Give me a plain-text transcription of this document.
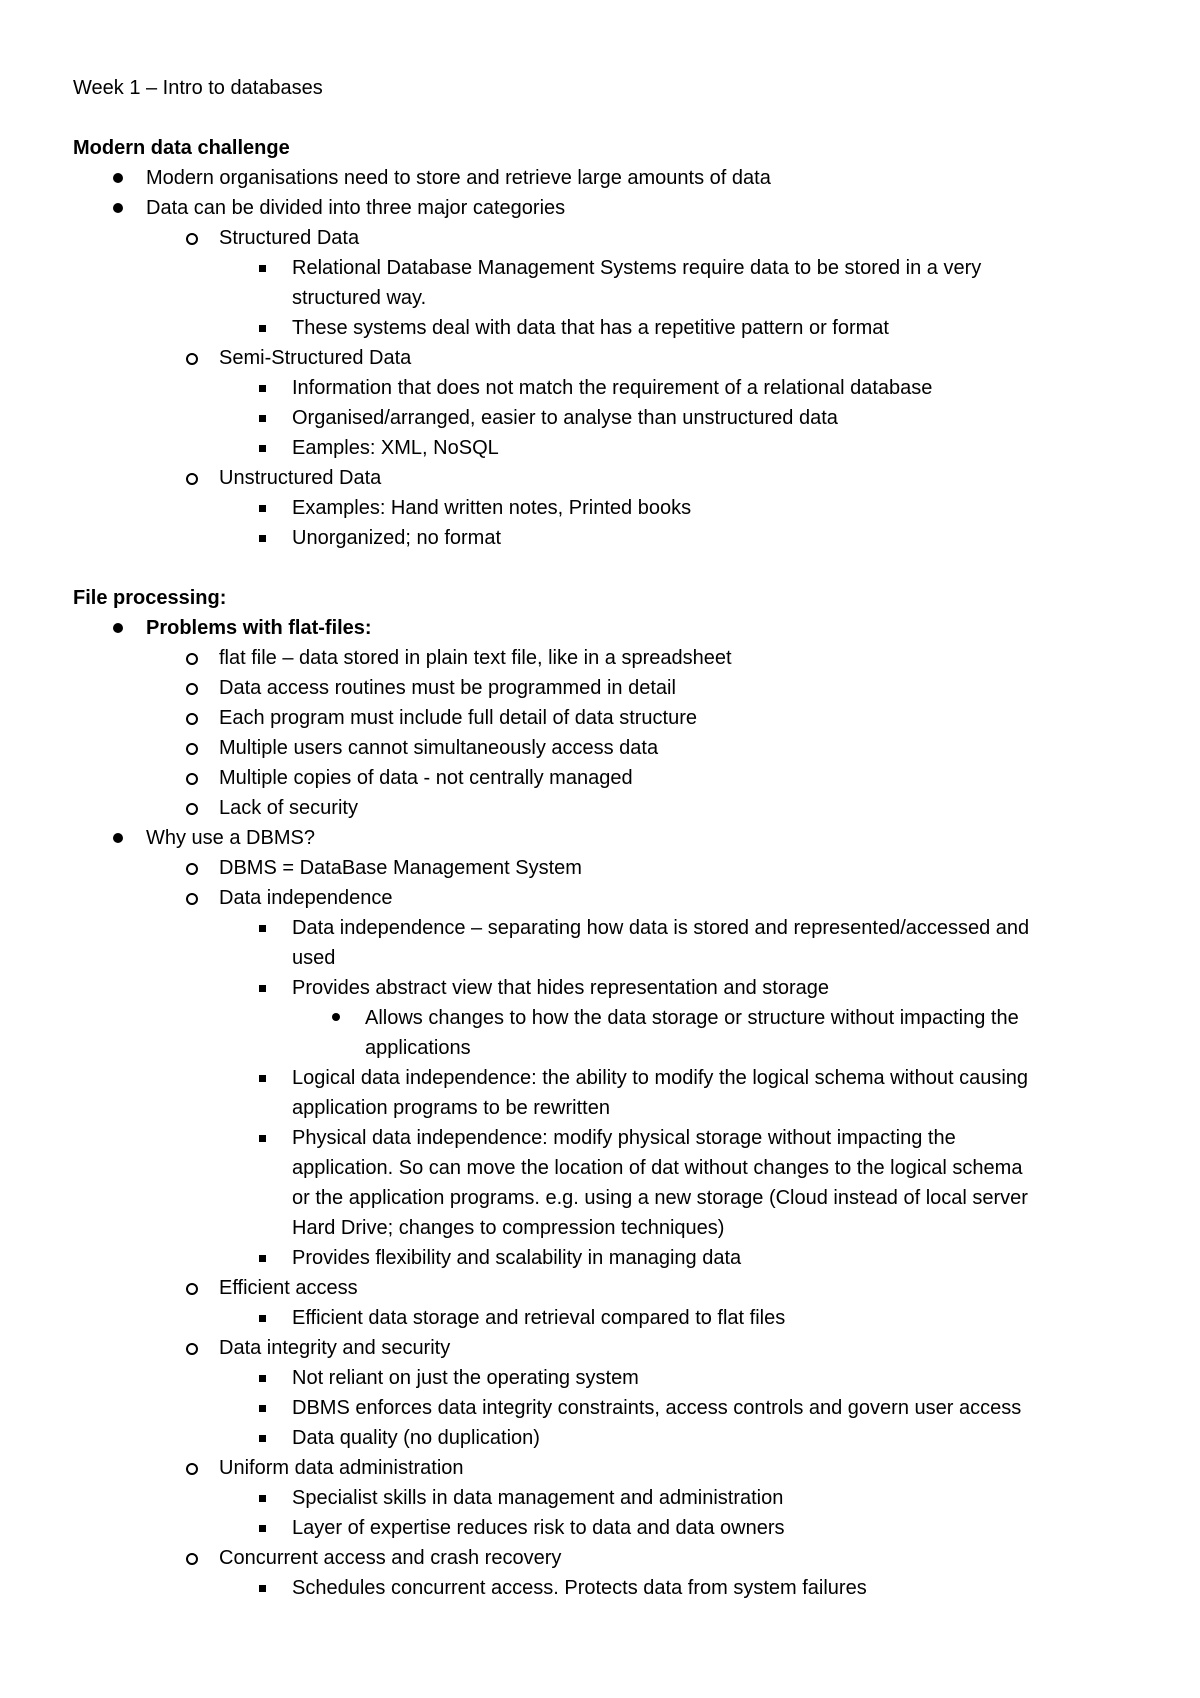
Week 1 – Intro to databases
Modern data challenge
Modern organisations need to store and retrieve large amounts of data
Data can be divided into three major categories
Structured Data
Relational Database Management Systems require data to be stored in a very
structured way.
These systems deal with data that has a repetitive pattern or format
Semi-Structured Data
Information that does not match the requirement of a relational database
Organised/arranged, easier to analyse than unstructured data
Eamples: XML, NoSQL
Unstructured Data
Examples: Hand written notes, Printed books
Unorganized; no format
File processing:
Problems with flat-files:
flat file – data stored in plain text file, like in a spreadsheet
Data access routines must be programmed in detail
Each program must include full detail of data structure
Multiple users cannot simultaneously access data
Multiple copies of data - not centrally managed
Lack of security
Why use a DBMS?
DBMS = DataBase Management System
Data independence
Data independence – separating how data is stored and represented/accessed and
used
Provides abstract view that hides representation and storage
Allows changes to how the data storage or structure without impacting the
applications
Logical data independence: the ability to modify the logical schema without causing
application programs to be rewritten
Physical data independence: modify physical storage without impacting the
application. So can move the location of dat without changes to the logical schema
or the application programs. e.g. using a new storage (Cloud instead of local server
Hard Drive; changes to compression techniques)
Provides flexibility and scalability in managing data
Efficient access
Efficient data storage and retrieval compared to flat files
Data integrity and security
Not reliant on just the operating system
DBMS enforces data integrity constraints, access controls and govern user access
Data quality (no duplication)
Uniform data administration
Specialist skills in data management and administration
Layer of expertise reduces risk to data and data owners
Concurrent access and crash recovery
Schedules concurrent access. Protects data from system failures
